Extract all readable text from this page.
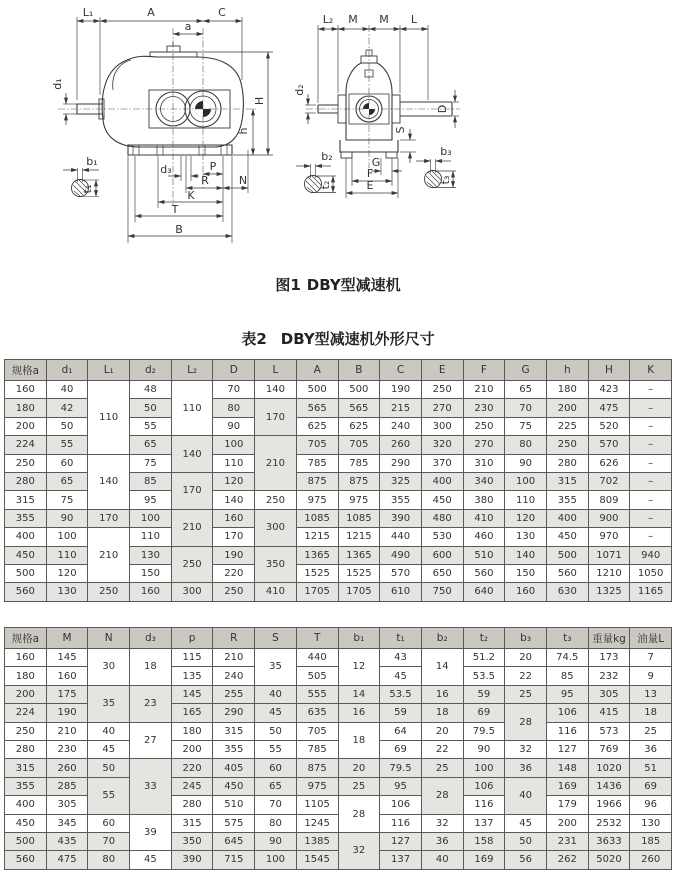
L₁	A	C
a
d₁
H
h
b₁
t₁
d₃	P
R	N
K
T
B
L₂ M M L
d₂
D
S
b₂
t₂
G
F
E
b₃
t₃
图1 DBY型减速机
表2 DBY型减速机外形尺寸
规格a	d₁	L₁	d₂	L₂	D	L	A	B	C	E	F	G	h	H	K
160	40	110	48	110	70	140	500	500	190	250	210	65	180	423	–
180	42		50		80	170	565	565	215	270	230	70	200	475	–
200	50		55		90		625	625	240	300	250	75	225	520	–
224	55		65	140	100	210	705	705	260	320	270	80	250	570	–
250	60	140	75		110		785	785	290	370	310	90	280	626	–
280	65		85	170	120		875	875	325	400	340	100	315	702	–
315	75		95		140	250	975	975	355	450	380	110	355	809	–
355	90	170	100	210	160	300	1085	1085	390	480	410	120	400	900	–
400	100	210	110		170		1215	1215	440	530	460	130	450	970	–
450	110		130	250	190	350	1365	1365	490	600	510	140	500	1071	940
500	120		150		220		1525	1525	570	650	560	150	560	1210	1050
560	130	250	160	300	250	410	1705	1705	610	750	640	160	630	1325	1165
规格a	M	N	d₃	p	R	S	T	b₁	t₁	b₂	t₂	b₃	t₃	重量kg	油量L
160	145	30	18	115	210	35	440	12	43	14	51.2	20	74.5	173	7
180	160			135	240		505		45		53.5	22	85	232	9
200	175	35	23	145	255	40	555	14	53.5	16	59	25	95	305	13
224	190			165	290	45	635	16	59	18	69	28	106	415	18
250	210	40	27	180	315	50	705	18	64	20	79.5		116	573	25
280	230	45		200	355	55	785		69	22	90	32	127	769	36
315	260	50	33	220	405	60	875	20	79.5	25	100	36	148	1020	51
355	285	55		245	450	65	975	25	95	28	106	40	169	1436	69
400	305			280	510	70	1105	28	106		116		179	1966	96
450	345	60	39	315	575	80	1245		116	32	137	45	200	2532	130
500	435	70		350	645	90	1385	32	127	36	158	50	231	3633	185
560	475	80	45	390	715	100	1545		137	40	169	56	262	5020	260
